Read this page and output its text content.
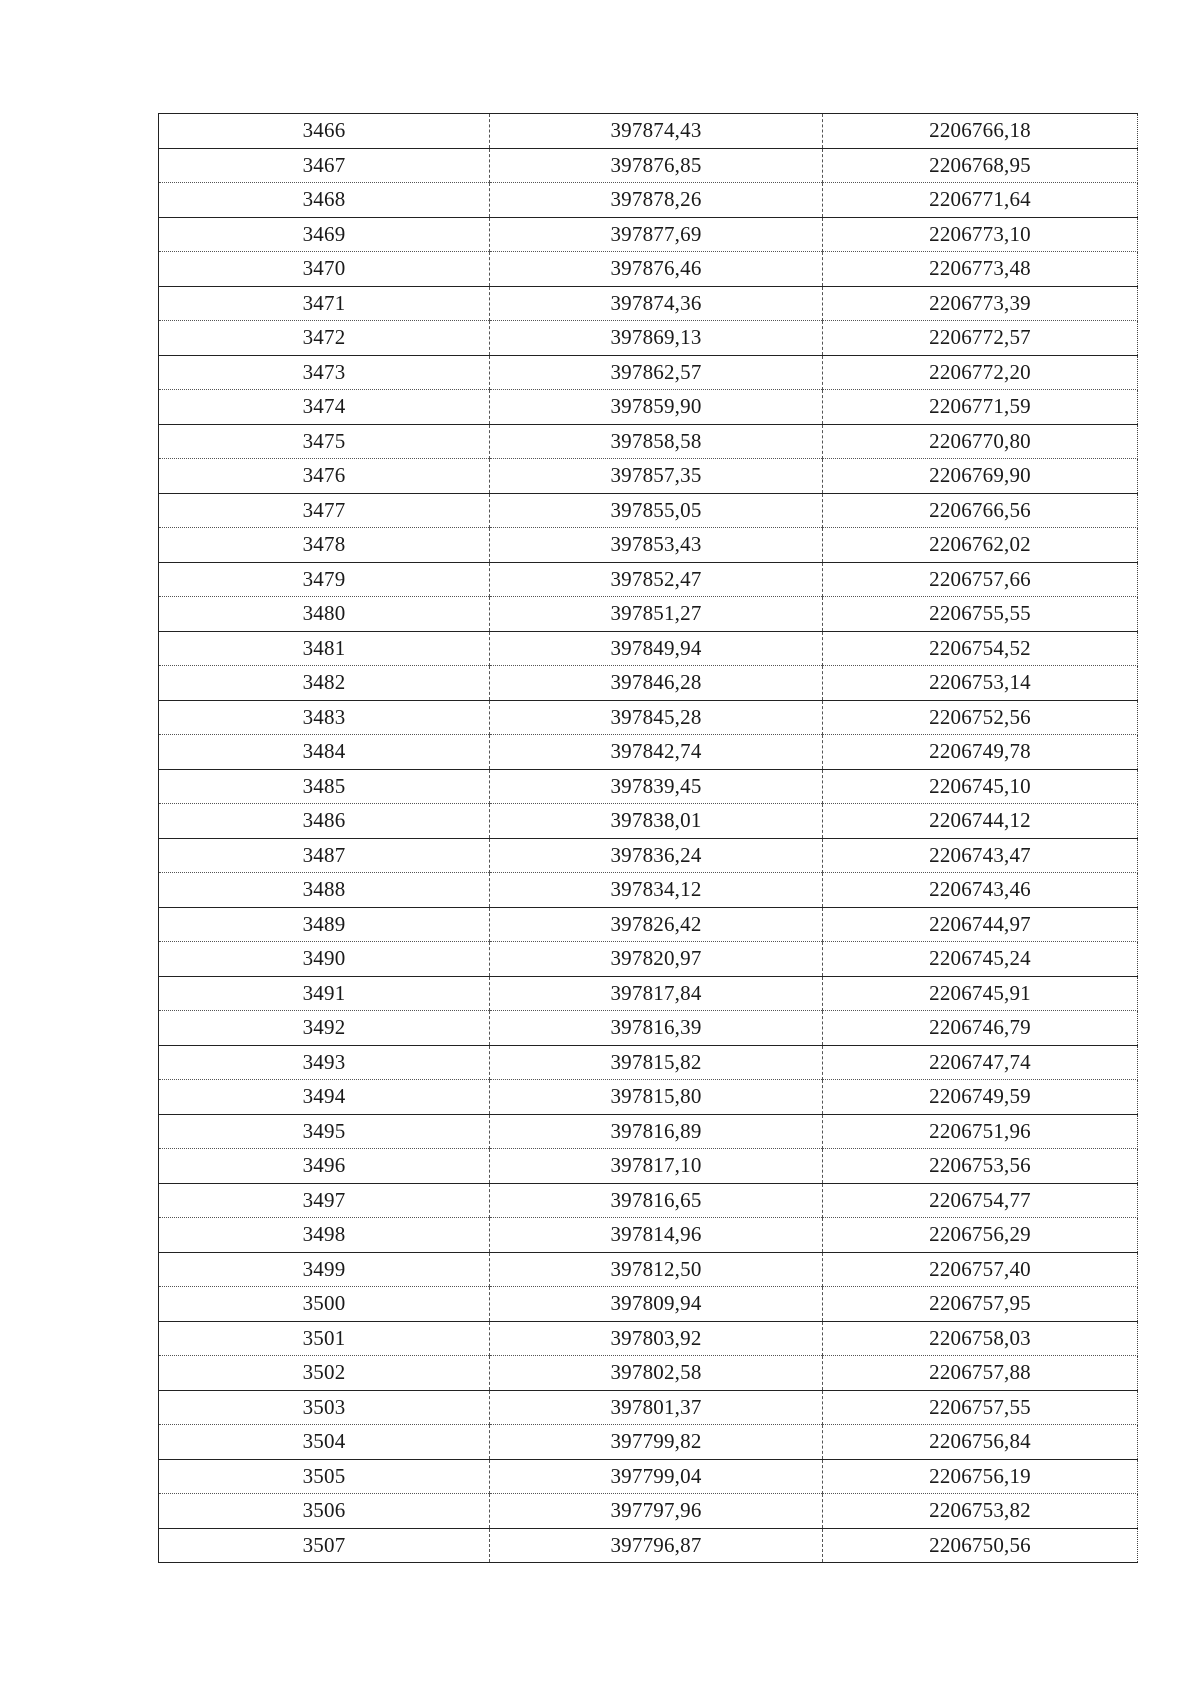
3466	397874,43	2206766,18
3467	397876,85	2206768,95
3468	397878,26	2206771,64
3469	397877,69	2206773,10
3470	397876,46	2206773,48
3471	397874,36	2206773,39
3472	397869,13	2206772,57
3473	397862,57	2206772,20
3474	397859,90	2206771,59
3475	397858,58	2206770,80
3476	397857,35	2206769,90
3477	397855,05	2206766,56
3478	397853,43	2206762,02
3479	397852,47	2206757,66
3480	397851,27	2206755,55
3481	397849,94	2206754,52
3482	397846,28	2206753,14
3483	397845,28	2206752,56
3484	397842,74	2206749,78
3485	397839,45	2206745,10
3486	397838,01	2206744,12
3487	397836,24	2206743,47
3488	397834,12	2206743,46
3489	397826,42	2206744,97
3490	397820,97	2206745,24
3491	397817,84	2206745,91
3492	397816,39	2206746,79
3493	397815,82	2206747,74
3494	397815,80	2206749,59
3495	397816,89	2206751,96
3496	397817,10	2206753,56
3497	397816,65	2206754,77
3498	397814,96	2206756,29
3499	397812,50	2206757,40
3500	397809,94	2206757,95
3501	397803,92	2206758,03
3502	397802,58	2206757,88
3503	397801,37	2206757,55
3504	397799,82	2206756,84
3505	397799,04	2206756,19
3506	397797,96	2206753,82
3507	397796,87	2206750,56
